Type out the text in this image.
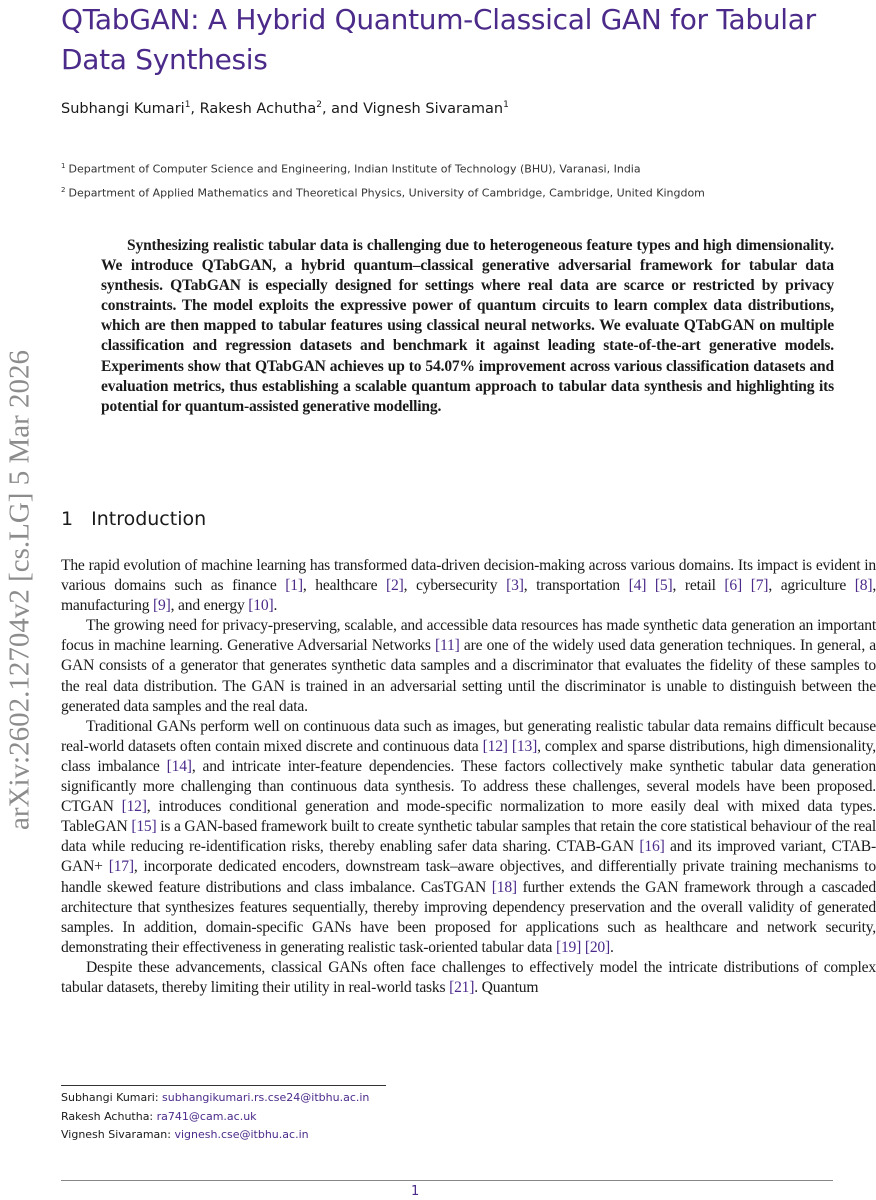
QTabGAN: A Hybrid Quantum-Classical GAN for Tabular Data Synthesis
Subhangi Kumari$^1$, Rakesh Achutha$^2$, and Vignesh Sivaraman$^1$
$^1$ Department of Computer Science and Engineering, Indian Institute of Technology (BHU), Varanasi, India
$^2$ Department of Applied Mathematics and Theoretical Physics, University of Cambridge, Cambridge, United Kingdom
arXiv:2602.12704v2 [cs.LG] 5 Mar 2026

Synthesizing realistic tabular data is challenging due to heterogeneous feature types and high dimensionality. We introduce QTabGAN, a hybrid quantum–classical generative adversarial framework for tabular data synthesis. QTabGAN is especially designed for settings where real data are scarce or restricted by privacy constraints. The model exploits the expressive power of quantum circuits to learn complex data distributions, which are then mapped to tabular features using classical neural networks. We evaluate QTabGAN on multiple classification and regression datasets and benchmark it against leading state-of-the-art generative models. Experiments show that QTabGAN achieves up to 54.07% improvement across various classification datasets and evaluation metrics, thus establishing a scalable quantum approach to tabular data synthesis and highlighting its potential for quantum-assisted generative modelling.

1 Introduction

The rapid evolution of machine learning has transformed data-driven decision-making across various domains. Its impact is evident in various domains such as finance [1], healthcare [2], cybersecurity [3], transportation [4] [5], retail [6] [7], agriculture [8], manufacturing [9], and energy [10].

The growing need for privacy-preserving, scalable, and accessible data resources has made synthetic data generation an important focus in machine learning. Generative Adversarial Networks [11] are one of the widely used data generation techniques. In general, a GAN consists of a generator that generates synthetic data samples and a discriminator that evaluates the fidelity of these samples to the real data distribution. The GAN is trained in an adversarial setting until the discriminator is unable to distinguish between the generated data samples and the real data.

Traditional GANs perform well on continuous data such as images, but generating realistic tabular data remains difficult because real-world datasets often contain mixed discrete and continuous data [12] [13], complex and sparse distributions, high dimensionality, class imbalance [14], and intricate inter-feature dependencies. These factors collectively make synthetic tabular data generation significantly more challenging than continuous data synthesis. To address these challenges, several models have been proposed. CTGAN [12], introduces conditional generation and mode-specific normalization to more easily deal with mixed data types. TableGAN [15] is a GAN-based framework built to create synthetic tabular samples that retain the core statistical behaviour of the real data while reducing re-identification risks, thereby enabling safer data sharing. CTAB-GAN [16] and its improved variant, CTAB-GAN+ [17], incorporate dedicated encoders, downstream task–aware objectives, and differentially private training mechanisms to handle skewed feature distributions and class imbalance. CasTGAN [18] further extends the GAN framework through a cascaded architecture that synthesizes features sequentially, thereby improving dependency preservation and the overall validity of generated samples. In addition, domain-specific GANs have been proposed for applications such as healthcare and network security, demonstrating their effectiveness in generating realistic task-oriented tabular data [19] [20].

Despite these advancements, classical GANs often face challenges to effectively model the intricate distributions of complex tabular datasets, thereby limiting their utility in real-world tasks [21]. Quantum

Subhangi Kumari: subhangikumari.rs.cse24@itbhu.ac.in
Rakesh Achutha: ra741@cam.ac.uk
Vignesh Sivaraman: vignesh.cse@itbhu.ac.in
1
